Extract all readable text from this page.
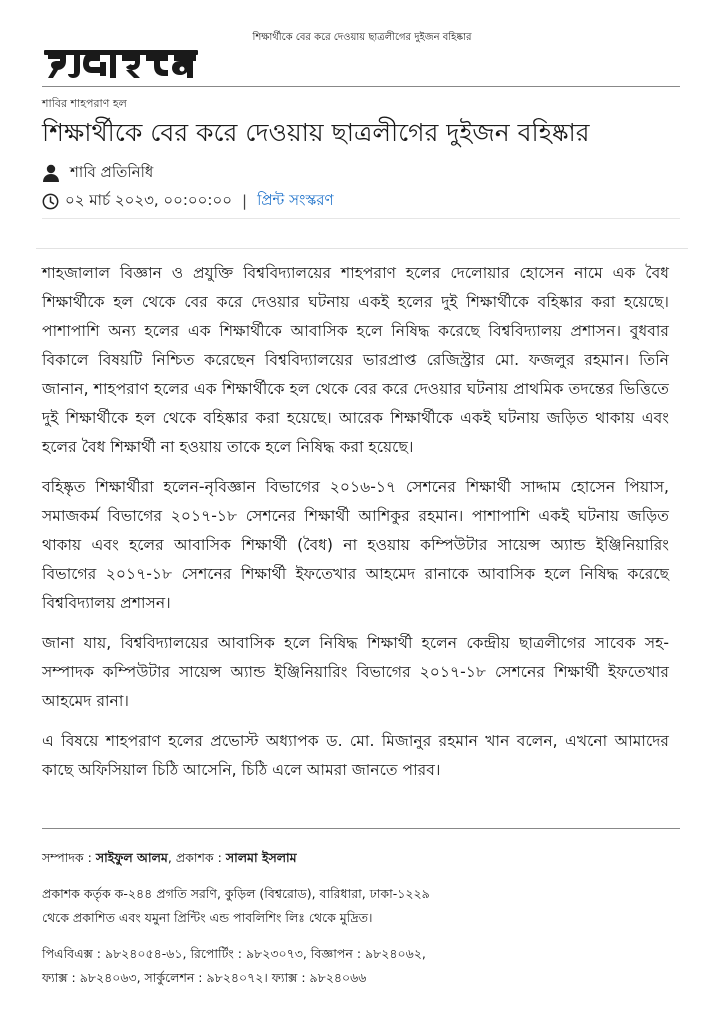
শিক্ষার্থীকে বের করে দেওয়ায় ছাত্রলীগের দুইজন বহিষ্কার
শাবির শাহপরাণ হল
শিক্ষার্থীকে বের করে দেওয়ায় ছাত্রলীগের দুইজন বহিষ্কার
শাবি প্রতিনিধি
০২ মার্চ ২০২৩, ০০:০০:০০ | প্রিন্ট সংস্করণ

শাহজালাল বিজ্ঞান ও প্রযুক্তি বিশ্ববিদ্যালয়ের শাহপরাণ হলের দেলোয়ার হোসেন নামে এক বৈধ শিক্ষার্থীকে হল থেকে বের করে দেওয়ার ঘটনায় একই হলের দুই শিক্ষার্থীকে বহিষ্কার করা হয়েছে। পাশাপাশি অন্য হলের এক শিক্ষার্থীকে আবাসিক হলে নিষিদ্ধ করেছে বিশ্ববিদ্যালয় প্রশাসন। বুধবার বিকালে বিষয়টি নিশ্চিত করেছেন বিশ্ববিদ্যালয়ের ভারপ্রাপ্ত রেজিস্ট্রার মো. ফজলুর রহমান। তিনি জানান, শাহপরাণ হলের এক শিক্ষার্থীকে হল থেকে বের করে দেওয়ার ঘটনায় প্রাথমিক তদন্তের ভিত্তিতে দুই শিক্ষার্থীকে হল থেকে বহিষ্কার করা হয়েছে। আরেক শিক্ষার্থীকে একই ঘটনায় জড়িত থাকায় এবং হলের বৈধ শিক্ষার্থী না হওয়ায় তাকে হলে নিষিদ্ধ করা হয়েছে।

বহিষ্কৃত শিক্ষার্থীরা হলেন-নৃবিজ্ঞান বিভাগের ২০১৬-১৭ সেশনের শিক্ষার্থী সাদ্দাম হোসেন পিয়াস, সমাজকর্ম বিভাগের ২০১৭-১৮ সেশনের শিক্ষার্থী আশিকুর রহমান। পাশাপাশি একই ঘটনায় জড়িত থাকায় এবং হলের আবাসিক শিক্ষার্থী (বৈধ) না হওয়ায় কম্পিউটার সায়েন্স অ্যান্ড ইঞ্জিনিয়ারিং বিভাগের ২০১৭-১৮ সেশনের শিক্ষার্থী ইফতেখার আহমেদ রানাকে আবাসিক হলে নিষিদ্ধ করেছে বিশ্ববিদ্যালয় প্রশাসন।

জানা যায়, বিশ্ববিদ্যালয়ের আবাসিক হলে নিষিদ্ধ শিক্ষার্থী হলেন কেন্দ্রীয় ছাত্রলীগের সাবেক সহ-সম্পাদক কম্পিউটার সায়েন্স অ্যান্ড ইঞ্জিনিয়ারিং বিভাগের ২০১৭-১৮ সেশনের শিক্ষার্থী ইফতেখার আহমেদ রানা।

এ বিষয়ে শাহপরাণ হলের প্রভোস্ট অধ্যাপক ড. মো. মিজানুর রহমান খান বলেন, এখনো আমাদের কাছে অফিসিয়াল চিঠি আসেনি, চিঠি এলে আমরা জানতে পারব।

সম্পাদক : সাইফুল আলম, প্রকাশক : সালমা ইসলাম
প্রকাশক কর্তৃক ক-২৪৪ প্রগতি সরণি, কুড়িল (বিশ্বরোড), বারিধারা, ঢাকা-১২২৯
থেকে প্রকাশিত এবং যমুনা প্রিন্টিং এন্ড পাবলিশিং লিঃ থেকে মুদ্রিত।
পিএবিএক্স : ৯৮২৪০৫৪-৬১, রিপোর্টিং : ৯৮২৩০৭৩, বিজ্ঞাপন : ৯৮২৪০৬২,
ফ্যাক্স : ৯৮২৪০৬৩, সার্কুলেশন : ৯৮২৪০৭২। ফ্যাক্স : ৯৮২৪০৬৬
